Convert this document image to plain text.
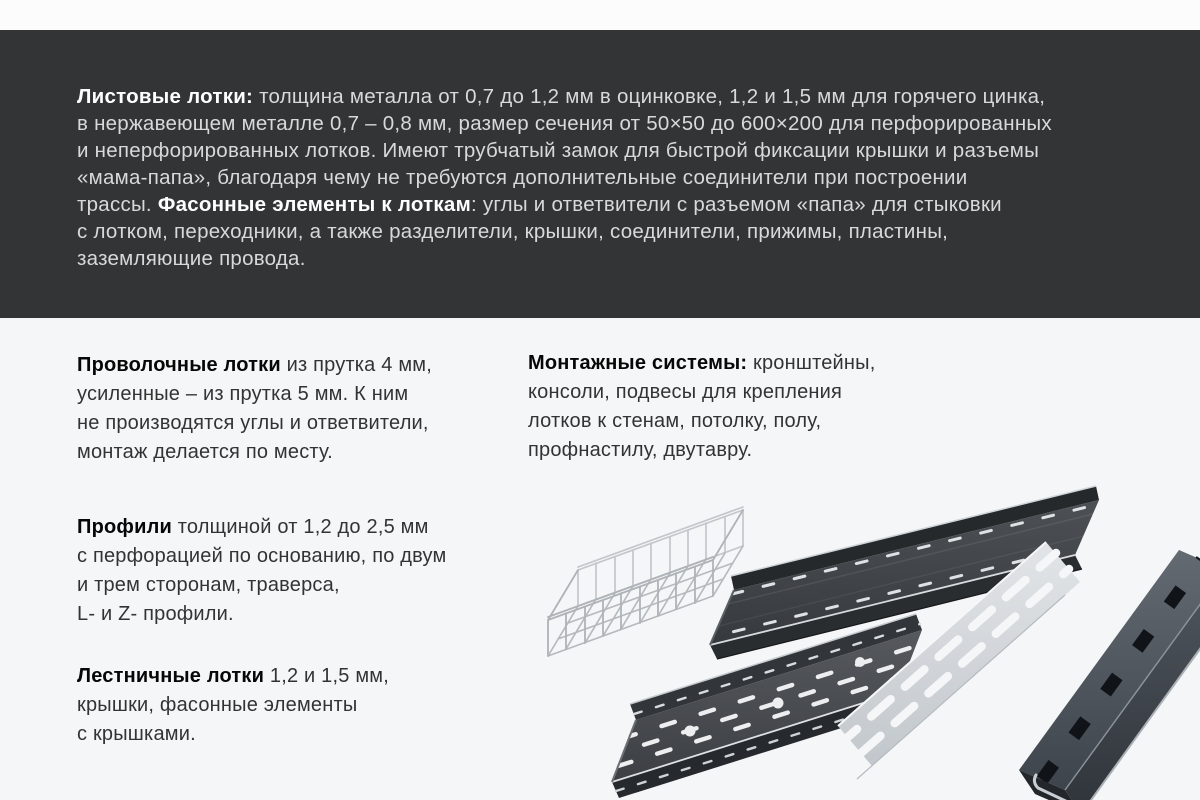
Листовые лотки: толщина металла от 0,7 до 1,2 мм в оцинковке, 1,2 и 1,5 мм для горячего цинка,
в нержавеющем металле 0,7 – 0,8 мм, размер сечения от 50×50 до 600×200 для перфорированных
и неперфорированных лотков. Имеют трубчатый замок для быстрой фиксации крышки и разъемы
«мама-папа», благодаря чему не требуются дополнительные соединители при построении
трассы. Фасонные элементы к лоткам: углы и ответвители с разъемом «папа» для стыковки
с лотком, переходники, а также разделители, крышки, соединители, прижимы, пластины,
заземляющие провода.
Проволочные лотки из прутка 4 мм,
усиленные – из прутка 5 мм. К ним
не производятся углы и ответвители,
монтаж делается по месту.
Профили толщиной от 1,2 до 2,5 мм
с перфорацией по основанию, по двум
и трем сторонам, траверса,
L- и Z- профили.
Лестничные лотки 1,2 и 1,5 мм,
крышки, фасонные элементы
с крышками.
Монтажные системы: кронштейны,
консоли, подвесы для крепления
лотков к стенам, потолку, полу,
профнастилу, двутавру.
